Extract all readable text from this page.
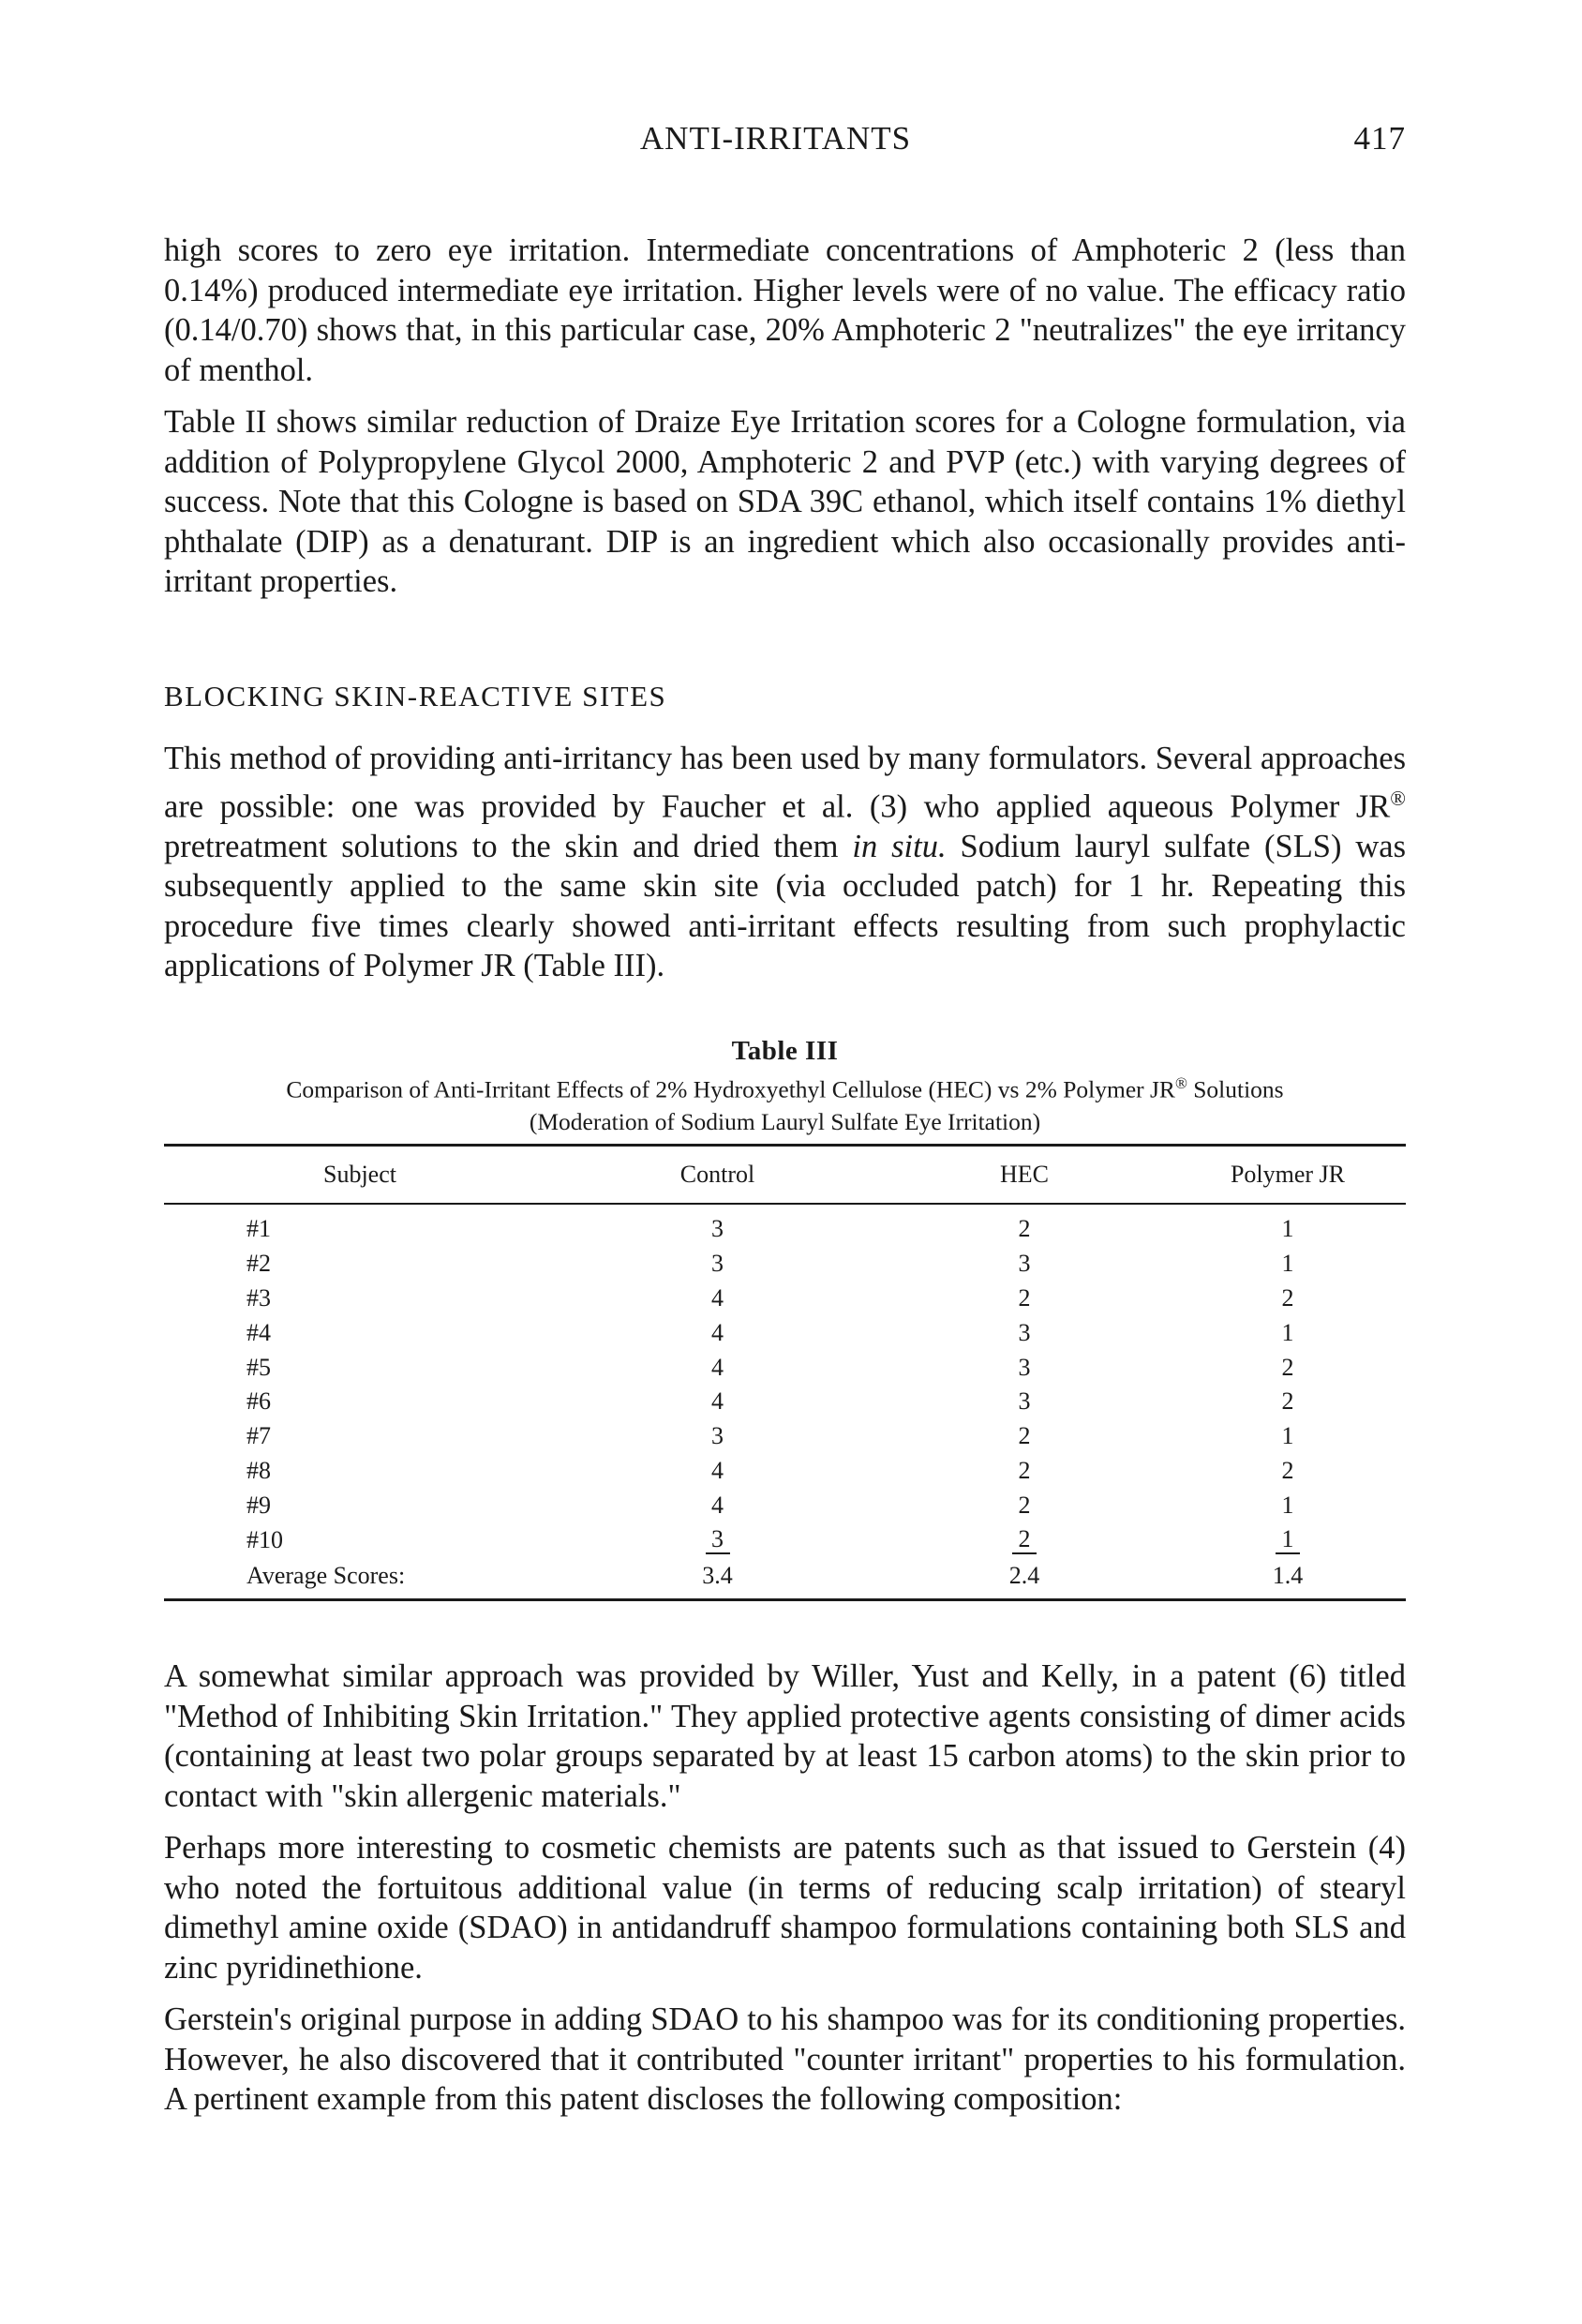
ANTI-IRRITANTS	417

high scores to zero eye irritation. Intermediate concentrations of Amphoteric 2 (less than 0.14%) produced intermediate eye irritation. Higher levels were of no value. The efficacy ratio (0.14/0.70) shows that, in this particular case, 20% Amphoteric 2 "neutralizes" the eye irritancy of menthol.

Table II shows similar reduction of Draize Eye Irritation scores for a Cologne formulation, via addition of Polypropylene Glycol 2000, Amphoteric 2 and PVP (etc.) with varying degrees of success. Note that this Cologne is based on SDA 39C ethanol, which itself contains 1% diethyl phthalate (DIP) as a denaturant. DIP is an ingredient which also occasionally provides anti-irritant properties.

BLOCKING SKIN-REACTIVE SITES

This method of providing anti-irritancy has been used by many formulators. Several approaches are possible: one was provided by Faucher et al. (3) who applied aqueous Polymer JR® pretreatment solutions to the skin and dried them in situ. Sodium lauryl sulfate (SLS) was subsequently applied to the same skin site (via occluded patch) for 1 hr. Repeating this procedure five times clearly showed anti-irritant effects resulting from such prophylactic applications of Polymer JR (Table III).

Table III
Comparison of Anti-Irritant Effects of 2% Hydroxyethyl Cellulose (HEC) vs 2% Polymer JR® Solutions
(Moderation of Sodium Lauryl Sulfate Eye Irritation)
Subject	Control	HEC	Polymer JR
#1	3	2	1
#2	3	3	1
#3	4	2	2
#4	4	3	1
#5	4	3	2
#6	4	3	2
#7	3	2	1
#8	4	2	2
#9	4	2	1
#10	3	2	1
Average Scores:	3.4	2.4	1.4

A somewhat similar approach was provided by Willer, Yust and Kelly, in a patent (6) titled "Method of Inhibiting Skin Irritation." They applied protective agents consisting of dimer acids (containing at least two polar groups separated by at least 15 carbon atoms) to the skin prior to contact with "skin allergenic materials."

Perhaps more interesting to cosmetic chemists are patents such as that issued to Gerstein (4) who noted the fortuitous additional value (in terms of reducing scalp irritation) of stearyl dimethyl amine oxide (SDAO) in antidandruff shampoo formulations containing both SLS and zinc pyridinethione.

Gerstein's original purpose in adding SDAO to his shampoo was for its conditioning properties. However, he also discovered that it contributed "counter irritant" properties to his formulation. A pertinent example from this patent discloses the following composition:
